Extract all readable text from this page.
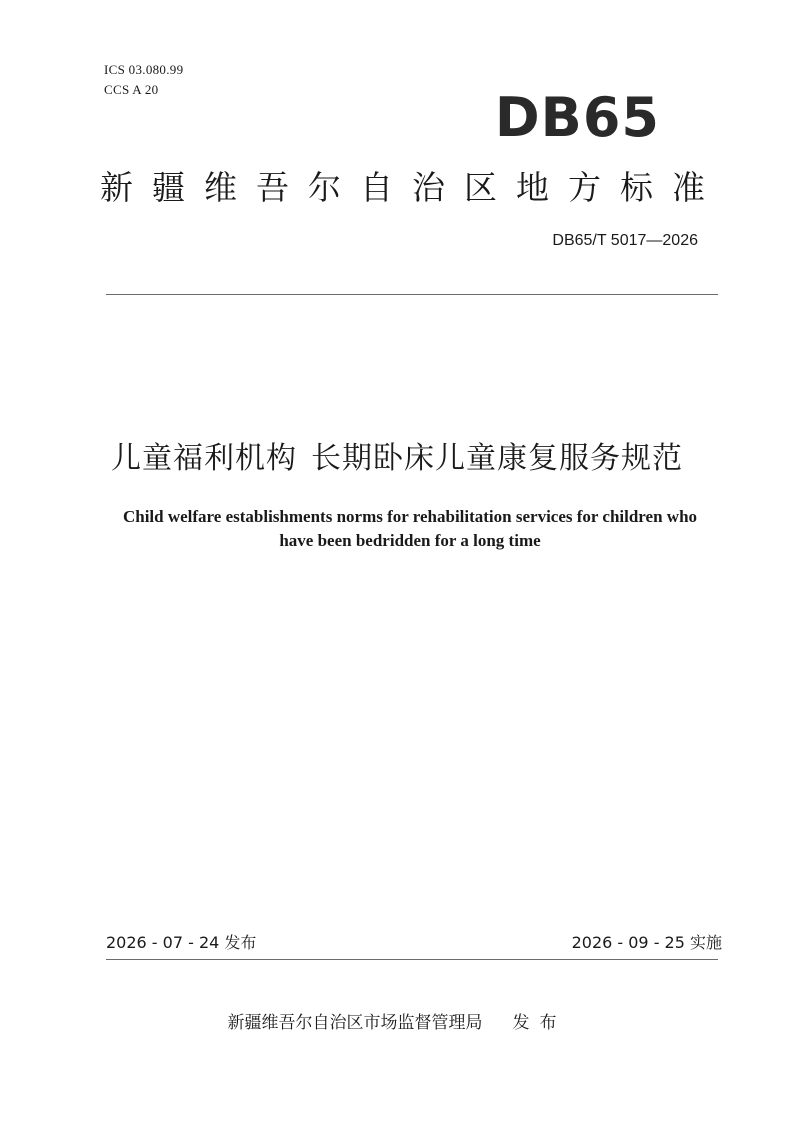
ICS 03.080.99
CCS A 20	DB65
新疆维吾尔自治区地方标准
DB65/T 5017—2026
儿童福利机构 长期卧床儿童康复服务规范
Child welfare establishments norms for rehabilitation services for children who
have been bedridden for a long time
2026 - 07 - 24 发布	2026 - 09 - 25 实施
新疆维吾尔自治区市场监督管理局 发布
